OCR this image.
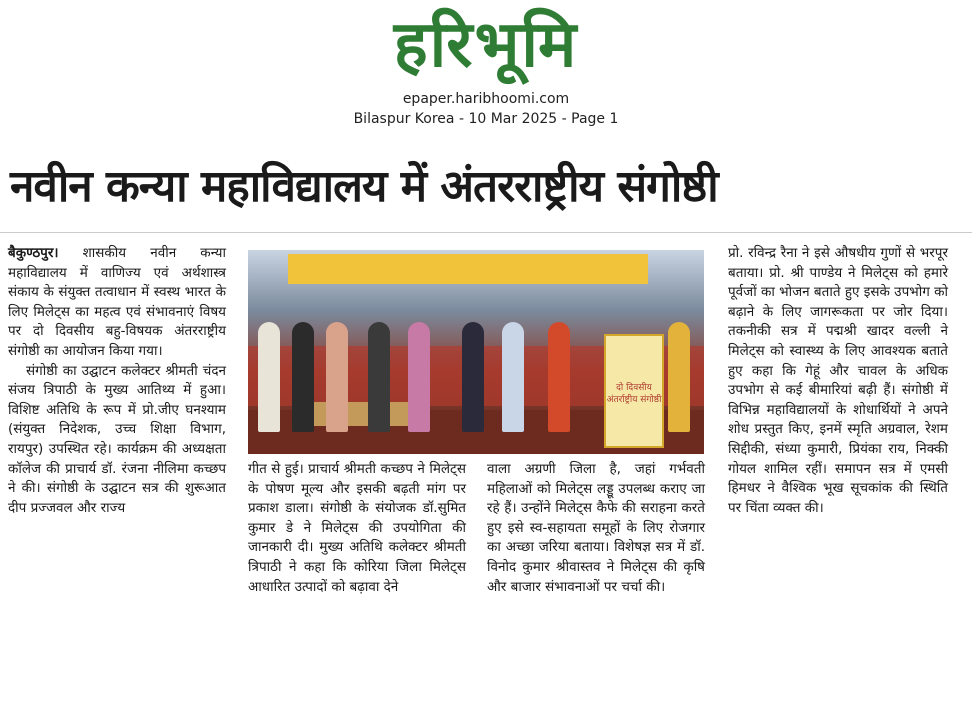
हरिभूमि
epaper.haribhoomi.com
Bilaspur Korea - 10 Mar 2025 - Page 1
नवीन कन्या महाविद्यालय में अंतरराष्ट्रीय संगोष्ठी

बैकुण्ठपुर। शासकीय नवीन कन्या महाविद्यालय में वाणिज्य एवं अर्थशास्त्र संकाय के संयुक्त तत्वाधान में स्वस्थ भारत के लिए मिलेट्स का महत्व एवं संभावनाएं विषय पर दो दिवसीय बहु-विषयक अंतरराष्ट्रीय संगोष्ठी का आयोजन किया गया।

संगोष्ठी का उद्घाटन कलेक्टर श्रीमती चंदन संजय त्रिपाठी के मुख्य आतिथ्य में हुआ। विशिष्ट अतिथि के रूप में प्रो.जीए घनश्याम (संयुक्त निदेशक, उच्च शिक्षा विभाग, रायपुर) उपस्थित रहे। कार्यक्रम की अध्यक्षता कॉलेज की प्राचार्य डॉ. रंजना नीलिमा कच्छप ने की। संगोष्ठी के उद्घाटन सत्र की शुरूआत दीप प्रज्जवल और राज्य

दो दिवसीय अंतर्राष्ट्रीय संगोष्ठी

गीत से हुई। प्राचार्य श्रीमती कच्छप ने मिलेट्स के पोषण मूल्य और इसकी बढ़ती मांग पर प्रकाश डाला। संगोष्ठी के संयोजक डॉ.सुमित कुमार डे ने मिलेट्स की उपयोगिता की जानकारी दी। मुख्य अतिथि कलेक्टर श्रीमती त्रिपाठी ने कहा कि कोरिया जिला मिलेट्स आधारित उत्पादों को बढ़ावा देने

वाला अग्रणी जिला है, जहां गर्भवती महिलाओं को मिलेट्स लड्डू उपलब्ध कराए जा रहे हैं। उन्होंने मिलेट्स कैफे की सराहना करते हुए इसे स्व-सहायता समूहों के लिए रोजगार का अच्छा जरिया बताया। विशेषज्ञ सत्र में डॉ. विनोद कुमार श्रीवास्तव ने मिलेट्स की कृषि और बाजार संभावनाओं पर चर्चा की।

प्रो. रविन्द्र रैना ने इसे औषधीय गुणों से भरपूर बताया। प्रो. श्री पाण्डेय ने मिलेट्स को हमारे पूर्वजों का भोजन बताते हुए इसके उपभोग को बढ़ाने के लिए जागरूकता पर जोर दिया। तकनीकी सत्र में पद्मश्री खादर वल्ली ने मिलेट्स को स्वास्थ्य के लिए आवश्यक बताते हुए कहा कि गेहूं और चावल के अधिक उपभोग से कई बीमारियां बढ़ी हैं। संगोष्ठी में विभिन्न महाविद्यालयों के शोधार्थियों ने अपने शोध प्रस्तुत किए, इनमें स्मृति अग्रवाल, रेशम सिद्दीकी, संध्या कुमारी, प्रियंका राय, निक्की गोयल शामिल रहीं। समापन सत्र में एमसी हिमधर ने वैश्विक भूख सूचकांक की स्थिति पर चिंता व्यक्त की।
